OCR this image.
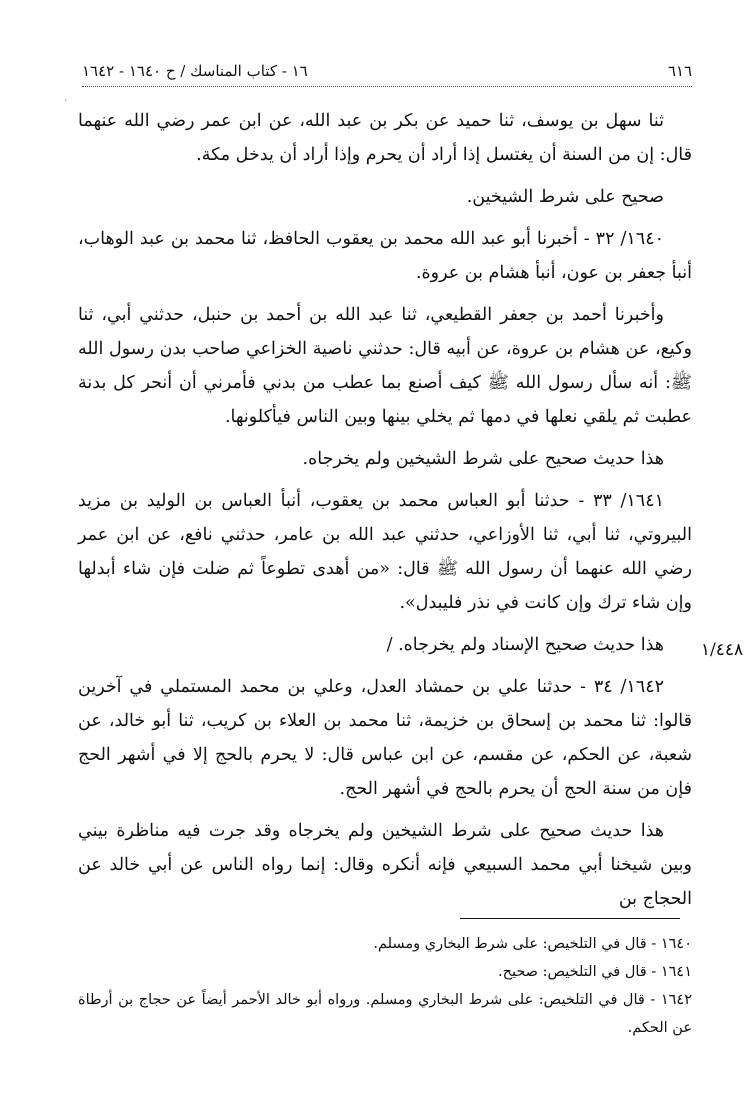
٦١٦
١٦ - كتاب المناسك / ح ١٦٤٠ - ١٦٤٢
·

ثنا سهل بن يوسف، ثنا حميد عن بكر بن عبد الله، عن ابن عمر رضي الله عنهما قال: إن من السنة أن يغتسل إذا أراد أن يحرم وإذا أراد أن يدخل مكة.

صحيح على شرط الشيخين.

١٦٤٠/ ٣٢ - أخبرنا أبو عبد الله محمد بن يعقوب الحافظ، ثنا محمد بن عبد الوهاب، أنبأ جعفر بن عون، أنبأ هشام بن عروة.

وأخبرنا أحمد بن جعفر القطيعي، ثنا عبد الله بن أحمد بن حنبل، حدثني أبي، ثنا وكيع، عن هشام بن عروة، عن أبيه قال: حدثني ناصية الخزاعي صاحب بدن رسول الله ﷺ: أنه سأل رسول الله ﷺ كيف أصنع بما عطب من بدني فأمرني أن أنحر كل بدنة عطبت ثم يلقي نعلها في دمها ثم يخلي بينها وبين الناس فيأكلونها.

هذا حديث صحيح على شرط الشيخين ولم يخرجاه.

١٦٤١/ ٣٣ - حدثنا أبو العباس محمد بن يعقوب، أنبأ العباس بن الوليد بن مزيد البيروتي، ثنا أبي، ثنا الأوزاعي، حدثني عبد الله بن عامر، حدثني نافع، عن ابن عمر رضي الله عنهما أن رسول الله ﷺ قال: «من أهدى تطوعاً ثم ضلت فإن شاء أبدلها وإن شاء ترك وإن كانت في نذر فليبدل».

هذا حديث صحيح الإسناد ولم يخرجاه. /

١٦٤٢/ ٣٤ - حدثنا علي بن حمشاد العدل، وعلي بن محمد المستملي في آخرين قالوا: ثنا محمد بن إسحاق بن خزيمة، ثنا محمد بن العلاء بن كريب، ثنا أبو خالد، عن شعبة، عن الحكم، عن مقسم، عن ابن عباس قال: لا يحرم بالحج إلا في أشهر الحج فإن من سنة الحج أن يحرم بالحج في أشهر الحج.

هذا حديث صحيح على شرط الشيخين ولم يخرجاه وقد جرت فيه مناظرة بيني وبين شيخنا أبي محمد السبيعي فإنه أنكره وقال: إنما رواه الناس عن أبي خالد عن الحجاج بن

١/٤٤٨

١٦٤٠ - قال في التلخيص: على شرط البخاري ومسلم.

١٦٤١ - قال في التلخيص: صحيح.

١٦٤٢ - قال في التلخيص: على شرط البخاري ومسلم. ورواه أبو خالد الأحمر أيضاً عن حجاج بن أرطاة عن الحكم.
